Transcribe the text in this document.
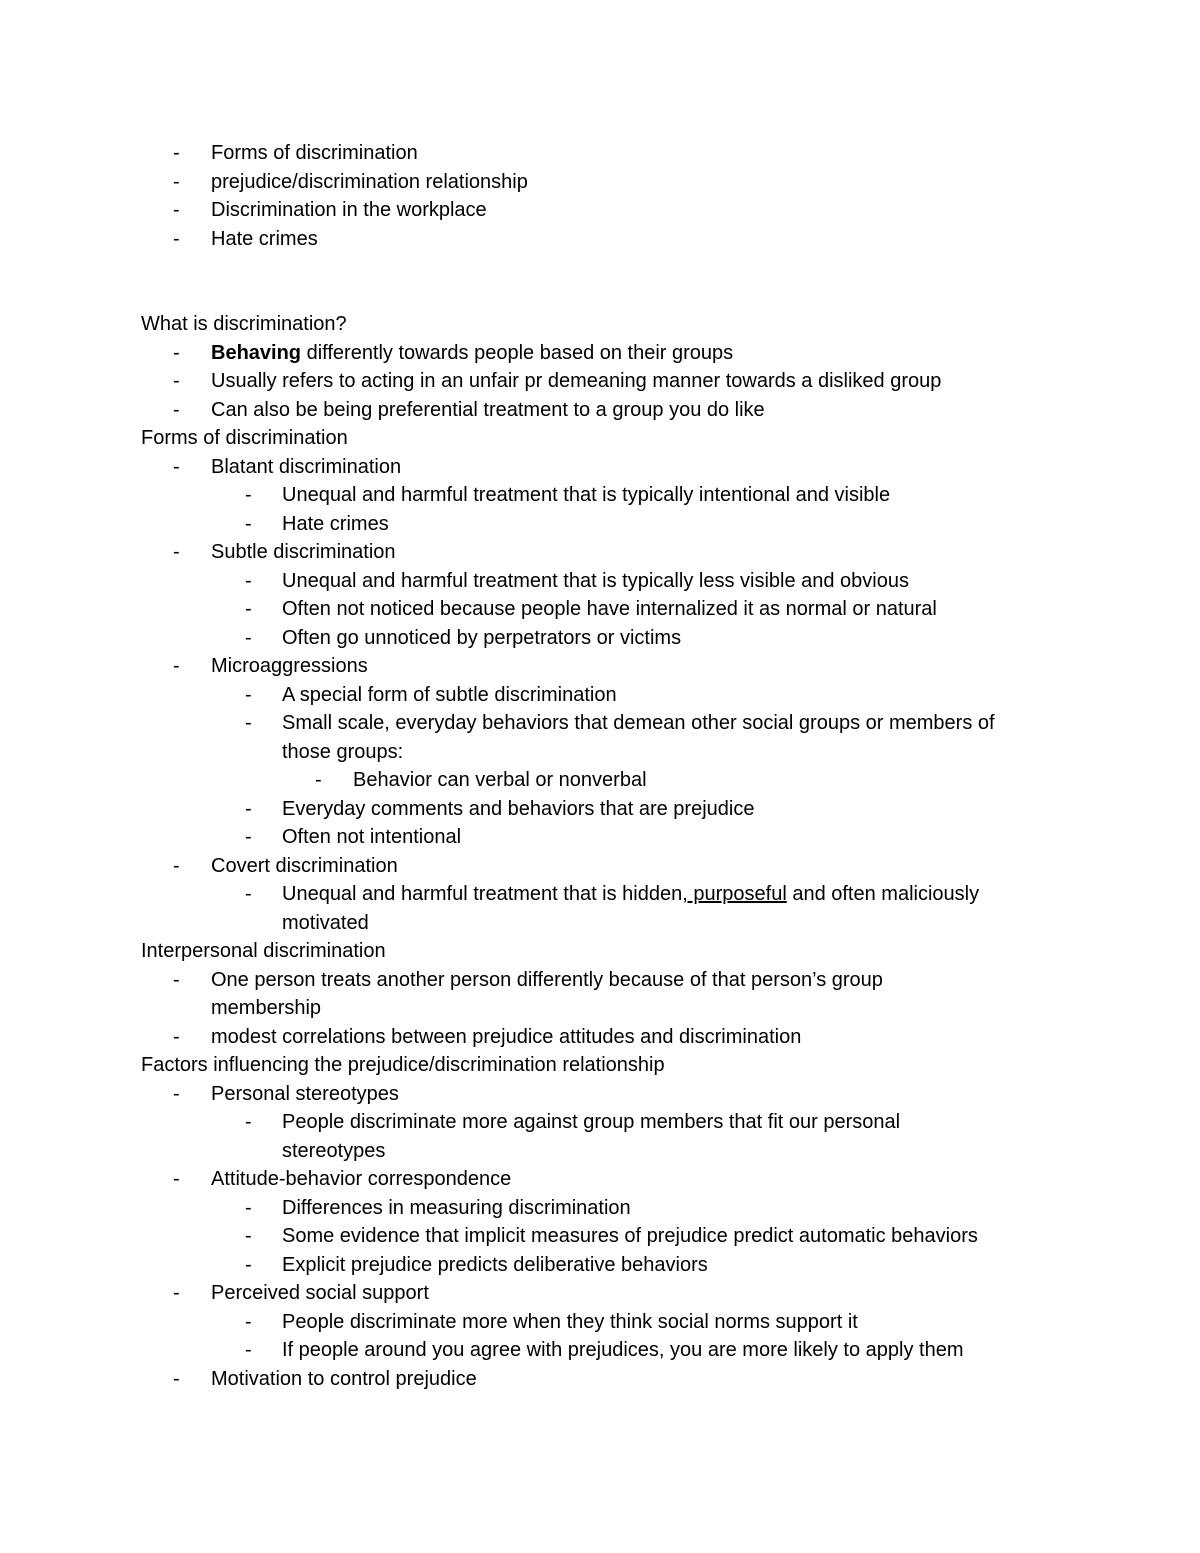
-	Forms of discrimination
-	prejudice/discrimination relationship
-	Discrimination in the workplace
-	Hate crimes
What is discrimination?
-	Behaving differently towards people based on their groups
-	Usually refers to acting in an unfair pr demeaning manner towards a disliked group
-	Can also be being preferential treatment to a group you do like
Forms of discrimination
-	Blatant discrimination
-	Unequal and harmful treatment that is typically intentional and visible
-	Hate crimes
-	Subtle discrimination
-	Unequal and harmful treatment that is typically less visible and obvious
-	Often not noticed because people have internalized it as normal or natural
-	Often go unnoticed by perpetrators or victims
-	Microaggressions
-	A special form of subtle discrimination
-	Small scale, everyday behaviors that demean other social groups or members of
those groups:
-	Behavior can verbal or nonverbal
-	Everyday comments and behaviors that are prejudice
-	Often not intentional
-	Covert discrimination
-	Unequal and harmful treatment that is hidden, purposeful and often maliciously
motivated
Interpersonal discrimination
-	One person treats another person differently because of that person’s group
membership
-	modest correlations between prejudice attitudes and discrimination
Factors influencing the prejudice/discrimination relationship
-	Personal stereotypes
-	People discriminate more against group members that fit our personal
stereotypes
-	Attitude-behavior correspondence
-	Differences in measuring discrimination
-	Some evidence that implicit measures of prejudice predict automatic behaviors
-	Explicit prejudice predicts deliberative behaviors
-	Perceived social support
-	People discriminate more when they think social norms support it
-	If people around you agree with prejudices, you are more likely to apply them
-	Motivation to control prejudice
